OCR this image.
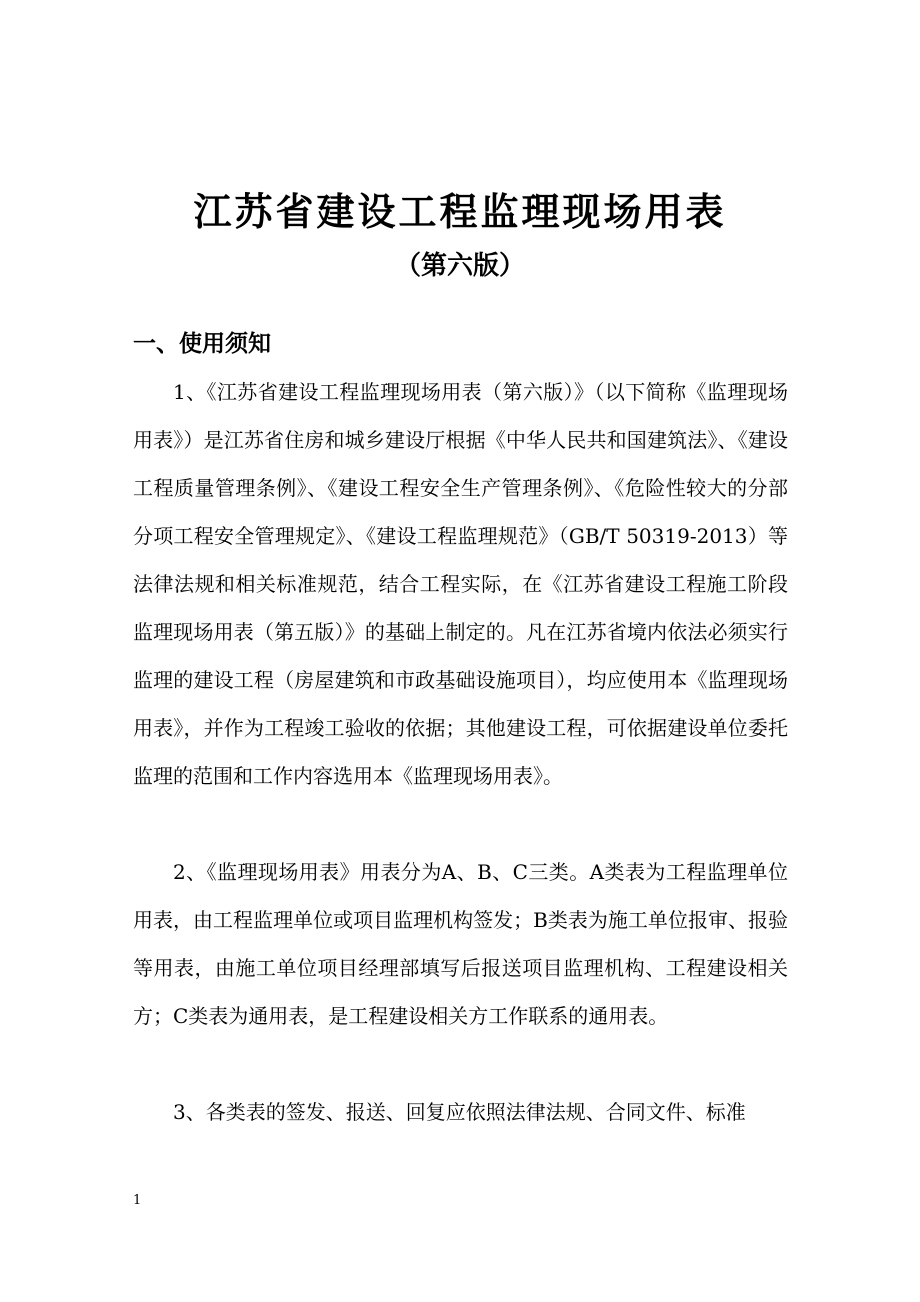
江苏省建设工程监理现场用表
（第六版）
一、使用须知

1、《江苏省建设工程监理现场用表（第六版）》（以下简称《监理现场用表》）是江苏省住房和城乡建设厅根据《中华人民共和国建筑法》、《建设工程质量管理条例》、《建设工程安全生产管理条例》、《危险性较大的分部分项工程安全管理规定》、《建设工程监理规范》（GB/T 50319-2013）等法律法规和相关标准规范，结合工程实际，在《江苏省建设工程施工阶段监理现场用表（第五版）》的基础上制定的。凡在江苏省境内依法必须实行监理的建设工程（房屋建筑和市政基础设施项目），均应使用本《监理现场用表》，并作为工程竣工验收的依据；其他建设工程，可依据建设单位委托监理的范围和工作内容选用本《监理现场用表》。

2、《监理现场用表》用表分为A、B、C三类。A类表为工程监理单位用表，由工程监理单位或项目监理机构签发；B类表为施工单位报审、报验等用表，由施工单位项目经理部填写后报送项目监理机构、工程建设相关方；C类表为通用表，是工程建设相关方工作联系的通用表。

3、各类表的签发、报送、回复应依照法律法规、合同文件、标准

1
